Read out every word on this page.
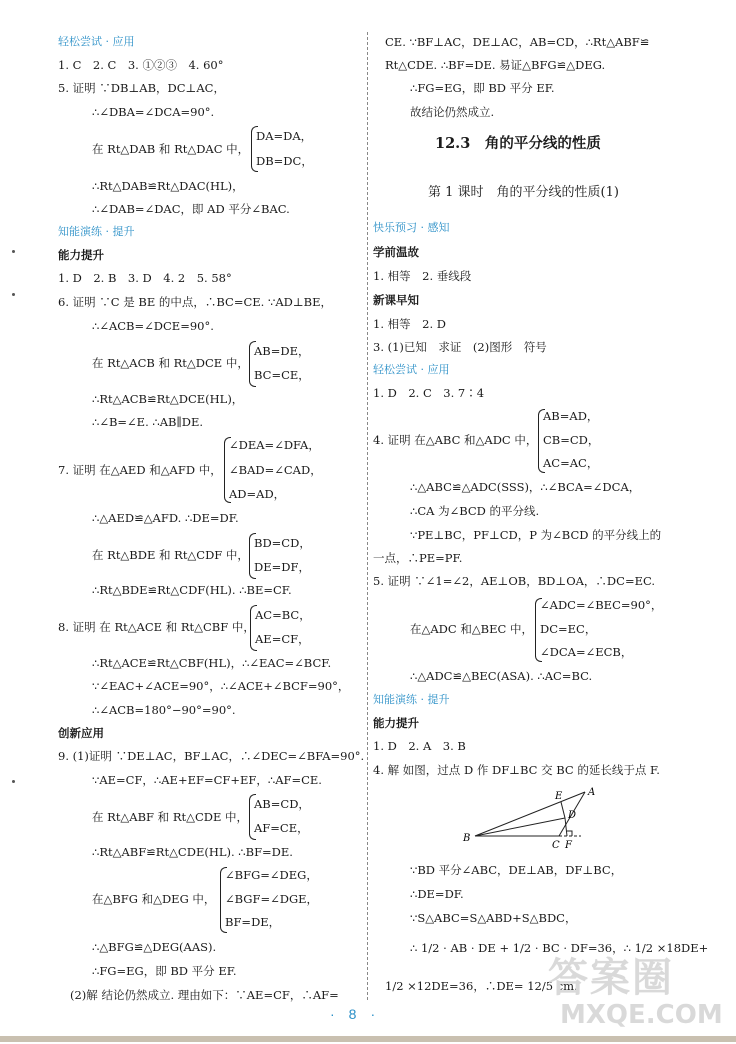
轻松尝试 · 应用
1. C　2. C　3. ①②③　4. 60°
5. 证明 ∵DB⊥AB，DC⊥AC，
∴∠DBA=∠DCA=90°.
在 Rt△DAB 和 Rt△DAC 中，
DA=DA，
DB=DC，
∴Rt△DAB≌Rt△DAC(HL)，
∴∠DAB=∠DAC，即 AD 平分∠BAC.
知能演练 · 提升
能力提升
1. D　2. B　3. D　4. 2　5. 58°
6. 证明 ∵C 是 BE 的中点，∴BC=CE. ∵AD⊥BE，
∴∠ACB=∠DCE=90°.
在 Rt△ACB 和 Rt△DCE 中，
AB=DE，
BC=CE，
∴Rt△ACB≌Rt△DCE(HL)，
∴∠B=∠E. ∴AB∥DE.
∠DEA=∠DFA，
7. 证明 在△AED 和△AFD 中， ∠BAD=∠CAD，
AD=AD，
∴△AED≌△AFD. ∴DE=DF.
在 Rt△BDE 和 Rt△CDF 中，
BD=CD，
DE=DF，
∴Rt△BDE≌Rt△CDF(HL). ∴BE=CF.
8. 证明 在 Rt△ACE 和 Rt△CBF 中，
AC=BC，
AE=CF，
∴Rt△ACE≌Rt△CBF(HL)，∴∠EAC=∠BCF.
∵∠EAC+∠ACE=90°，∴∠ACE+∠BCF=90°，
∴∠ACB=180°−90°=90°.
创新应用
9. (1)证明 ∵DE⊥AC，BF⊥AC，∴∠DEC=∠BFA=90°.
∵AE=CF，∴AE+EF=CF+EF，∴AF=CE.
在 Rt△ABF 和 Rt△CDE 中，
AB=CD，
AF=CE，
∴Rt△ABF≌Rt△CDE(HL). ∴BF=DE.
∠BFG=∠DEG，
在△BFG 和△DEG 中， ∠BGF=∠DGE，
BF=DE，
∴△BFG≌△DEG(AAS).
∴FG=EG，即 BD 平分 EF.
(2)解 结论仍然成立. 理由如下：∵AE=CF，∴AF=
CE. ∵BF⊥AC，DE⊥AC，AB=CD，∴Rt△ABF≌
Rt△CDE. ∴BF=DE. 易证△BFG≌△DEG.
∴FG=EG，即 BD 平分 EF.
故结论仍然成立.
12.3　角的平分线的性质
第 1 课时　角的平分线的性质(1)
快乐预习 · 感知
学前温故
1. 相等　2. 垂线段
新课早知
1. 相等　2. D
3. (1)已知　求证　(2)图形　符号
轻松尝试 · 应用
1. D　2. C　3. 7∶4
AB=AD，
4. 证明 在△ABC 和△ADC 中， CB=CD，
AC=AC，
∴△ABC≌△ADC(SSS)，∴∠BCA=∠DCA，
∴CA 为∠BCD 的平分线.
∵PE⊥BC，PF⊥CD，P 为∠BCD 的平分线上的
一点，∴PE=PF.
5. 证明 ∵∠1=∠2，AE⊥OB，BD⊥OA，∴DC=EC.
∠ADC=∠BEC=90°，
在△ADC 和△BEC 中， DC=EC，
∠DCA=∠ECB，
∴△ADC≌△BEC(ASA). ∴AC=BC.
知能演练 · 提升
能力提升
1. D　2. A　3. B
4. 解 如图，过点 D 作 DF⊥BC 交 BC 的延长线于点 F.
E	A
D
B
C F
∵BD 平分∠ABC，DE⊥AB，DF⊥BC，
∴DE=DF.
∵S△ABC=S△ABD+S△BDC，
∴ 1/2 · AB · DE + 1/2 · BC · DF=36，∴ 1/2 ×18DE+
1/2 ×12DE=36，∴DE= 12/5 cm.
答案圈
MXQE.COM
·　8　·
